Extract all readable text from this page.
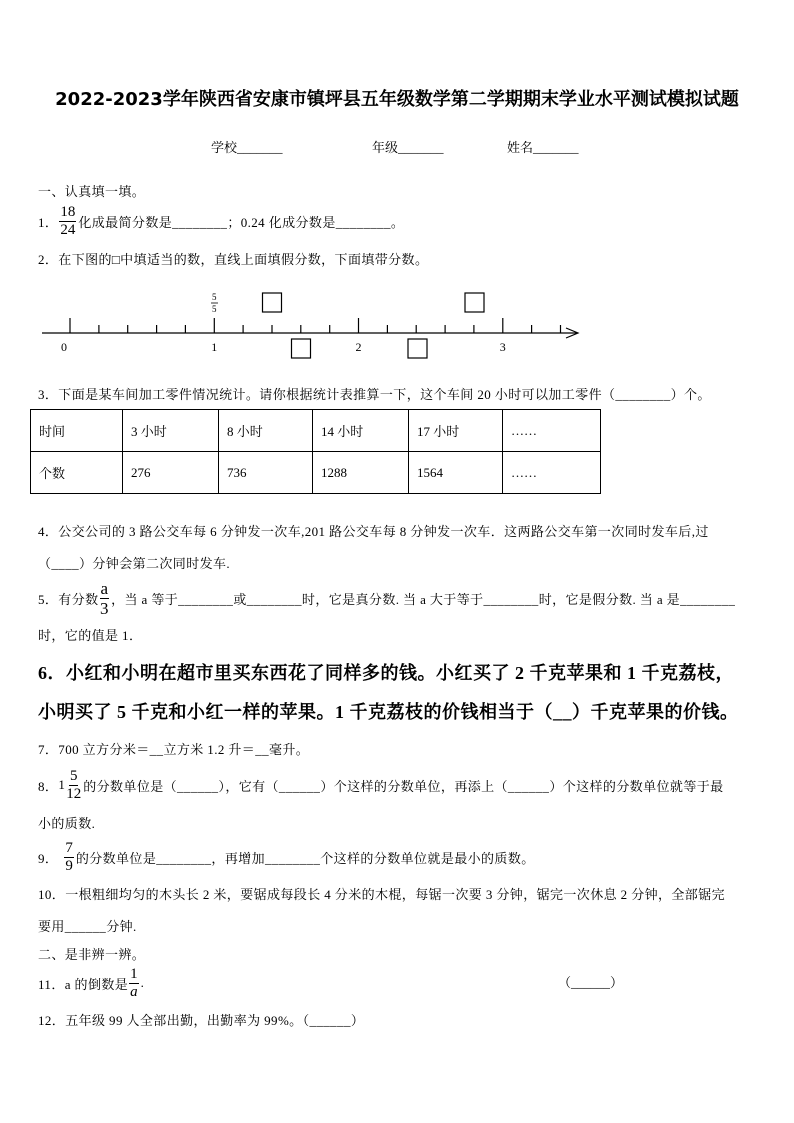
2022-2023学年陕西省安康市镇坪县五年级数学第二学期期末学业水平测试模拟试题
学校_______	年级_______	姓名_______
一、认真填一填。
1． $\frac{18}{24}$ 化成最简分数是________；0.24 化成分数是________。
2．在下图的□中填适当的数，直线上面填假分数，下面填带分数。
0	1	2	3
5
5
3．下面是某车间加工零件情况统计。请你根据统计表推算一下，这个车间 20 小时可以加工零件（________）个。
时间	3 小时	8 小时	14 小时	17 小时	……
个数	276	736	1288	1564	……
4．公交公司的 3 路公交车每 6 分钟发一次车,201 路公交车每 8 分钟发一次车．这两路公交车第一次同时发车后,过
（____）分钟会第二次同时发车.
5．有分数 $\frac{a}{3}$ ，当 a 等于________或________时，它是真分数. 当 a 大于等于________时，它是假分数. 当 a 是________
时，它的值是 1．
6．小红和小明在超市里买东西花了同样多的钱。小红买了 2 千克苹果和 1 千克荔枝，
小明买了 5 千克和小红一样的苹果。1 千克荔枝的价钱相当于（__）千克苹果的价钱。
7．700 立方分米＝__立方米 1.2 升＝__毫升。
8． $1 \frac{5}{12}$ 的分数单位是（______），它有（______）个这样的分数单位，再添上（______）个这样的分数单位就等于最
小的质数.
9． $\frac{7}{9}$ 的分数单位是________，再增加________个这样的分数单位就是最小的质数。
10．一根粗细均匀的木头长 2 米，要锯成每段长 4 分米的木棍，每锯一次要 3 分钟，锯完一次休息 2 分钟，全部锯完
要用______分钟.
二、是非辨一辨。
11．a 的倒数是 $\frac{1}{a}$ .	（______）
12．五年级 99 人全部出勤，出勤率为 99%。（______）
